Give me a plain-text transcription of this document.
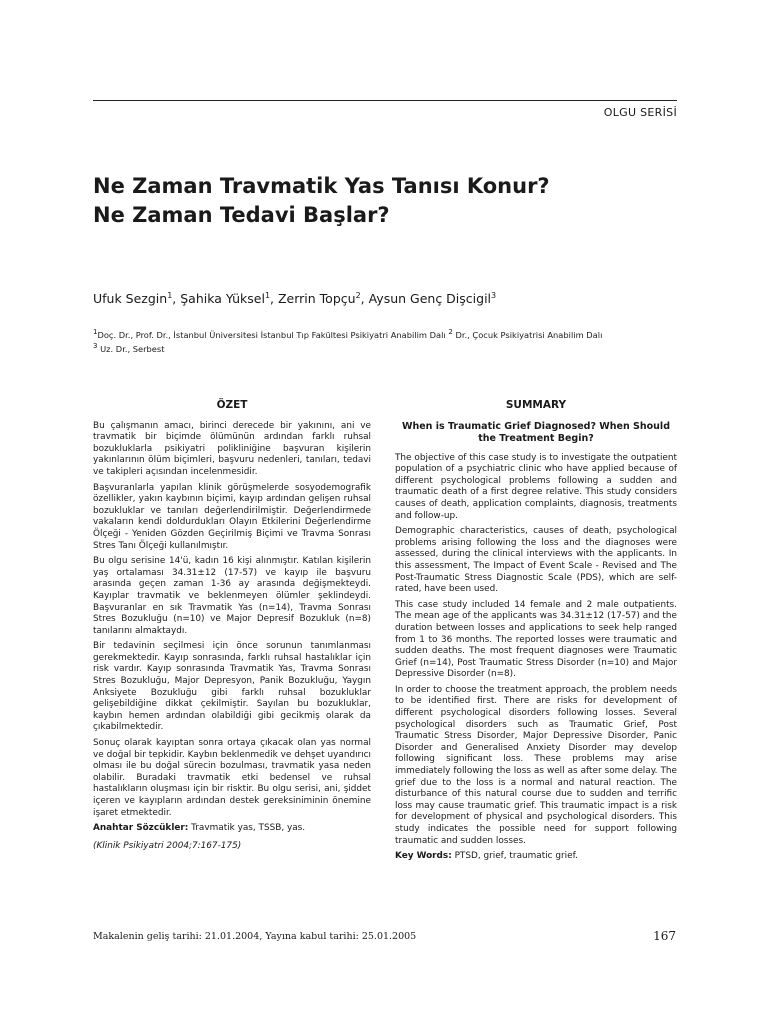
OLGU SERİSİ
Ne Zaman Travmatik Yas Tanısı Konur?
Ne Zaman Tedavi Başlar?
Ufuk Sezgin$^1$, Şahika Yüksel$^1$, Zerrin Topçu$^2$, Aysun Genç Dişcigil$^3$
$^1$Doç. Dr., Prof. Dr., İstanbul Üniversitesi İstanbul Tıp Fakültesi Psikiyatri Anabilim Dalı $^2$ Dr., Çocuk Psikiyatrisi Anabilim Dalı
$^3$ Uz. Dr., Serbest

ÖZET

Bu çalışmanın amacı, birinci derecede bir yakınını, ani ve travmatik bir biçimde ölümünün ardından farklı ruhsal bozukluklarla psikiyatri polikliniğine başvuran kişilerin yakınlarının ölüm biçimleri, başvuru nedenleri, tanıları, tedavi ve takipleri açısından incelenmesidir.

Başvuranlarla yapılan klinik görüşmelerde sosyodemografik özellikler, yakın kaybının biçimi, kayıp ardından gelişen ruhsal bozukluklar ve tanıları değerlendirilmiştir. Değerlendirmede vakaların kendi doldurdukları Olayın Etkilerini Değerlendirme Ölçeği - Yeniden Gözden Geçirilmiş Biçimi ve Travma Sonrası Stres Tanı Ölçeği kullanılmıştır.

Bu olgu serisine 14'ü, kadın 16 kişi alınmıştır. Katılan kişilerin yaş ortalaması 34.31±12 (17-57) ve kayıp ile başvuru arasında geçen zaman 1-36 ay arasında değişmekteydi. Kayıplar travmatik ve beklenmeyen ölümler şeklindeydi. Başvuranlar en sık Travmatik Yas (n=14), Travma Sonrası Stres Bozukluğu (n=10) ve Major Depresif Bozukluk (n=8) tanılarını almaktaydı.

Bir tedavinin seçilmesi için önce sorunun tanımlanması gerekmektedir. Kayıp sonrasında, farklı ruhsal hastalıklar için risk vardır. Kayıp sonrasında Travmatik Yas, Travma Sonrası Stres Bozukluğu, Major Depresyon, Panik Bozukluğu, Yaygın Anksiyete Bozukluğu gibi farklı ruhsal bozukluklar gelişebildiğine dikkat çekilmiştir. Sayılan bu bozukluklar, kaybın hemen ardından olabildiği gibi gecikmiş olarak da çıkabilmektedir.

Sonuç olarak kayıptan sonra ortaya çıkacak olan yas normal ve doğal bir tepkidir. Kaybın beklenmedik ve dehşet uyandırıcı olması ile bu doğal sürecin bozulması, travmatik yasa neden olabilir. Buradaki travmatik etki bedensel ve ruhsal hastalıkların oluşması için bir risktir. Bu olgu serisi, ani, şiddet içeren ve kayıpların ardından destek gereksiniminin önemine işaret etmektedir.

Anahtar Sözcükler: Travmatik yas, TSSB, yas.

(Klinik Psikiyatri 2004;7:167-175)

SUMMARY

When is Traumatic Grief Diagnosed? When Should the Treatment Begin?

The objective of this case study is to investigate the outpatient population of a psychiatric clinic who have applied because of different psychological problems following a sudden and traumatic death of a first degree relative. This study considers causes of death, application complaints, diagnosis, treatments and follow-up.

Demographic characteristics, causes of death, psychological problems arising following the loss and the diagnoses were assessed, during the clinical interviews with the applicants. In this assessment, The Impact of Event Scale - Revised and The Post-Traumatic Stress Diagnostic Scale (PDS), which are self- rated, have been used.

This case study included 14 female and 2 male outpatients. The mean age of the applicants was 34.31±12 (17-57) and the duration between losses and applications to seek help ranged from 1 to 36 months. The reported losses were traumatic and sudden deaths. The most frequent diagnoses were Traumatic Grief (n=14), Post Traumatic Stress Disorder (n=10) and Major Depressive Disorder (n=8).

In order to choose the treatment approach, the problem needs to be identified first. There are risks for development of different psychological disorders following losses. Several psychological disorders such as Traumatic Grief, Post Traumatic Stress Disorder, Major Depressive Disorder, Panic Disorder and Generalised Anxiety Disorder may develop following significant loss. These problems may arise immediately following the loss as well as after some delay. The grief due to the loss is a normal and natural reaction. The disturbance of this natural course due to sudden and terrific loss may cause traumatic grief. This traumatic impact is a risk for development of physical and psychological disorders. This study indicates the possible need for support following traumatic and sudden losses.

Key Words: PTSD, grief, traumatic grief.

Makalenin geliş tarihi: 21.01.2004, Yayına kabul tarihi: 25.01.2005	167
